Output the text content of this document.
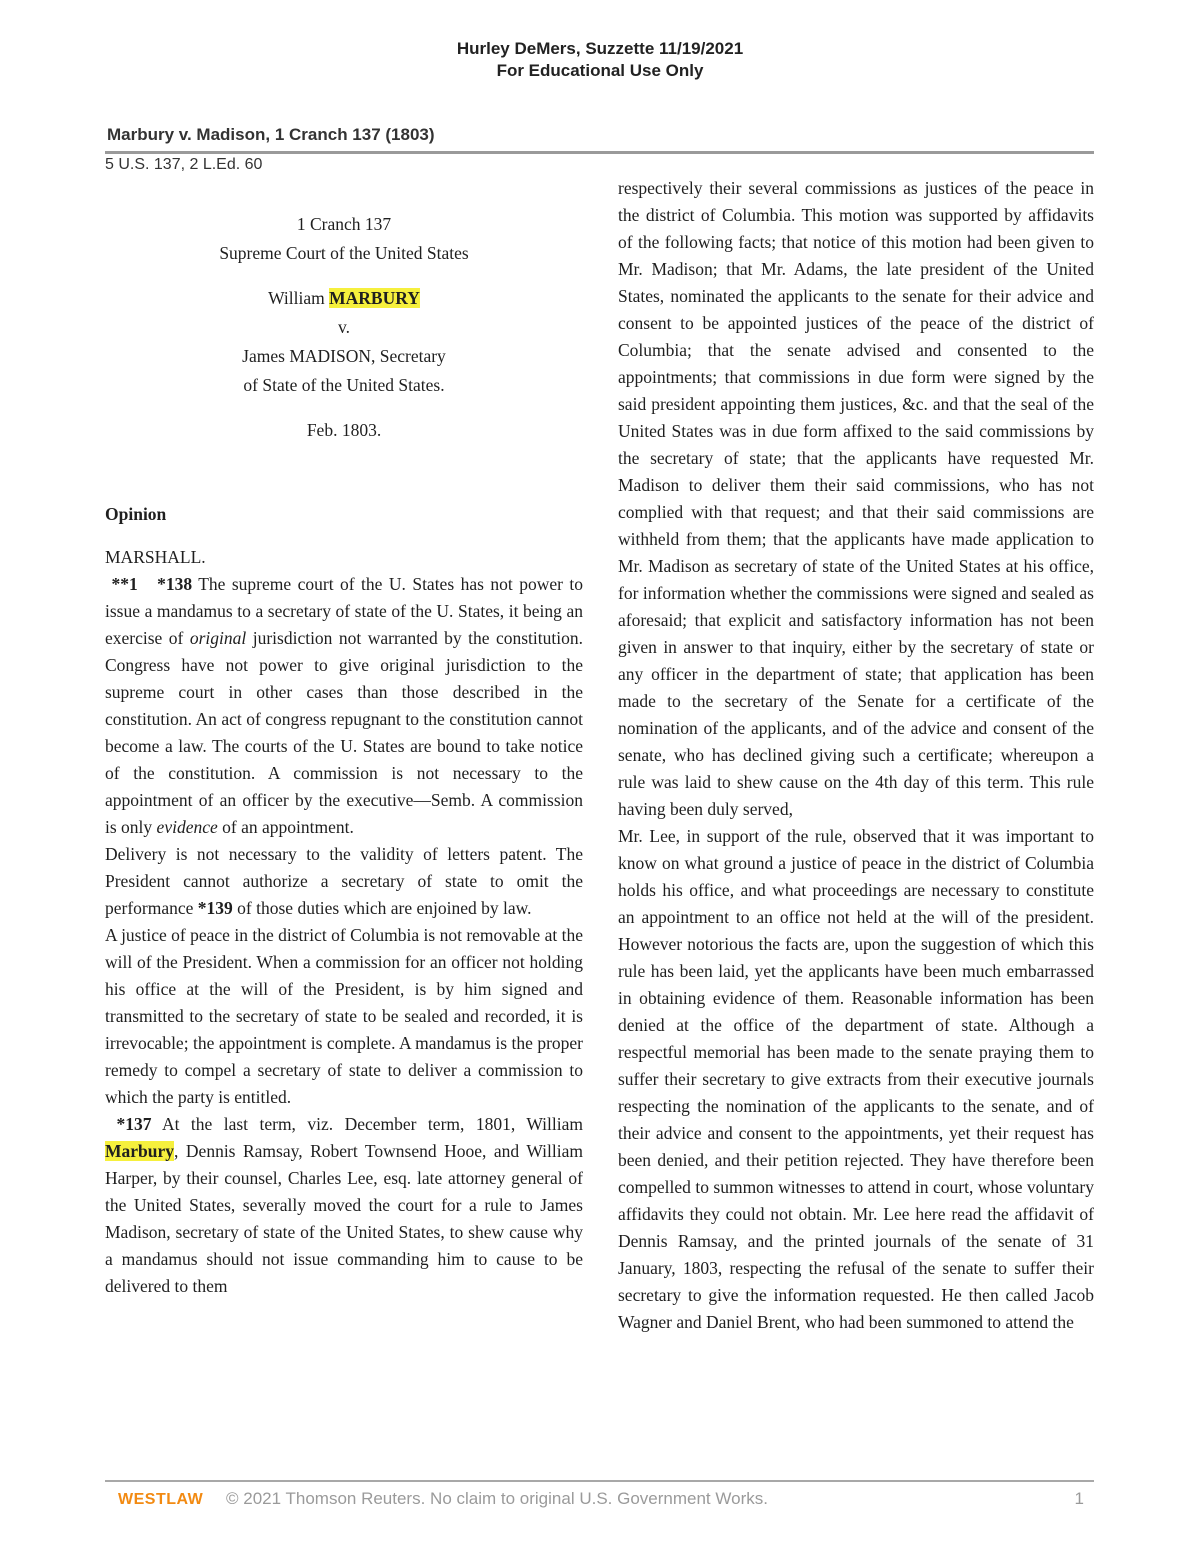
Hurley DeMers, Suzzette 11/19/2021
For Educational Use Only
Marbury v. Madison, 1 Cranch 137 (1803)
5 U.S. 137, 2 L.Ed. 60
1 Cranch 137
Supreme Court of the United States
William MARBURY
v.
James MADISON, Secretary
of State of the United States.
Feb. 1803.
Opinion
MARSHALL.

**1 *138 The supreme court of the U. States has not power to issue a mandamus to a secretary of state of the U. States, it being an exercise of original jurisdiction not warranted by the constitution. Congress have not power to give original jurisdiction to the supreme court in other cases than those described in the constitution. An act of congress repugnant to the constitution cannot become a law. The courts of the U. States are bound to take notice of the constitution. A commission is not necessary to the appointment of an officer by the executive—Semb. A commission is only evidence of an appointment.

Delivery is not necessary to the validity of letters patent. The President cannot authorize a secretary of state to omit the performance *139 of those duties which are enjoined by law.

A justice of peace in the district of Columbia is not removable at the will of the President. When a commission for an officer not holding his office at the will of the President, is by him signed and transmitted to the secretary of state to be sealed and recorded, it is irrevocable; the appointment is complete. A mandamus is the proper remedy to compel a secretary of state to deliver a commission to which the party is entitled.

*137 At the last term, viz. December term, 1801, William Marbury, Dennis Ramsay, Robert Townsend Hooe, and William Harper, by their counsel, Charles Lee, esq. late attorney general of the United States, severally moved the court for a rule to James Madison, secretary of state of the United States, to shew cause why a mandamus should not issue commanding him to cause to be delivered to them

respectively their several commissions as justices of the peace in the district of Columbia. This motion was supported by affidavits of the following facts; that notice of this motion had been given to Mr. Madison; that Mr. Adams, the late president of the United States, nominated the applicants to the senate for their advice and consent to be appointed justices of the peace of the district of Columbia; that the senate advised and consented to the appointments; that commissions in due form were signed by the said president appointing them justices, &c. and that the seal of the United States was in due form affixed to the said commissions by the secretary of state; that the applicants have requested Mr. Madison to deliver them their said commissions, who has not complied with that request; and that their said commissions are withheld from them; that the applicants have made application to Mr. Madison as secretary of state of the United States at his office, for information whether the commissions were signed and sealed as aforesaid; that explicit and satisfactory information has not been given in answer to that inquiry, either by the secretary of state or any officer in the department of state; that application has been made to the secretary of the Senate for a certificate of the nomination of the applicants, and of the advice and consent of the senate, who has declined giving such a certificate; whereupon a rule was laid to shew cause on the 4th day of this term. This rule having been duly served,

Mr. Lee, in support of the rule, observed that it was important to know on what ground a justice of peace in the district of Columbia holds his office, and what proceedings are necessary to constitute an appointment to an office not held at the will of the president. However notorious the facts are, upon the suggestion of which this rule has been laid, yet the applicants have been much embarrassed in obtaining evidence of them. Reasonable information has been denied at the office of the department of state. Although a respectful memorial has been made to the senate praying them to suffer their secretary to give extracts from their executive journals respecting the nomination of the applicants to the senate, and of their advice and consent to the appointments, yet their request has been denied, and their petition rejected. They have therefore been compelled to summon witnesses to attend in court, whose voluntary affidavits they could not obtain. Mr. Lee here read the affidavit of Dennis Ramsay, and the printed journals of the senate of 31 January, 1803, respecting the refusal of the senate to suffer their secretary to give the information requested. He then called Jacob Wagner and Daniel Brent, who had been summoned to attend the

WESTLAW © 2021 Thomson Reuters. No claim to original U.S. Government Works.	1
